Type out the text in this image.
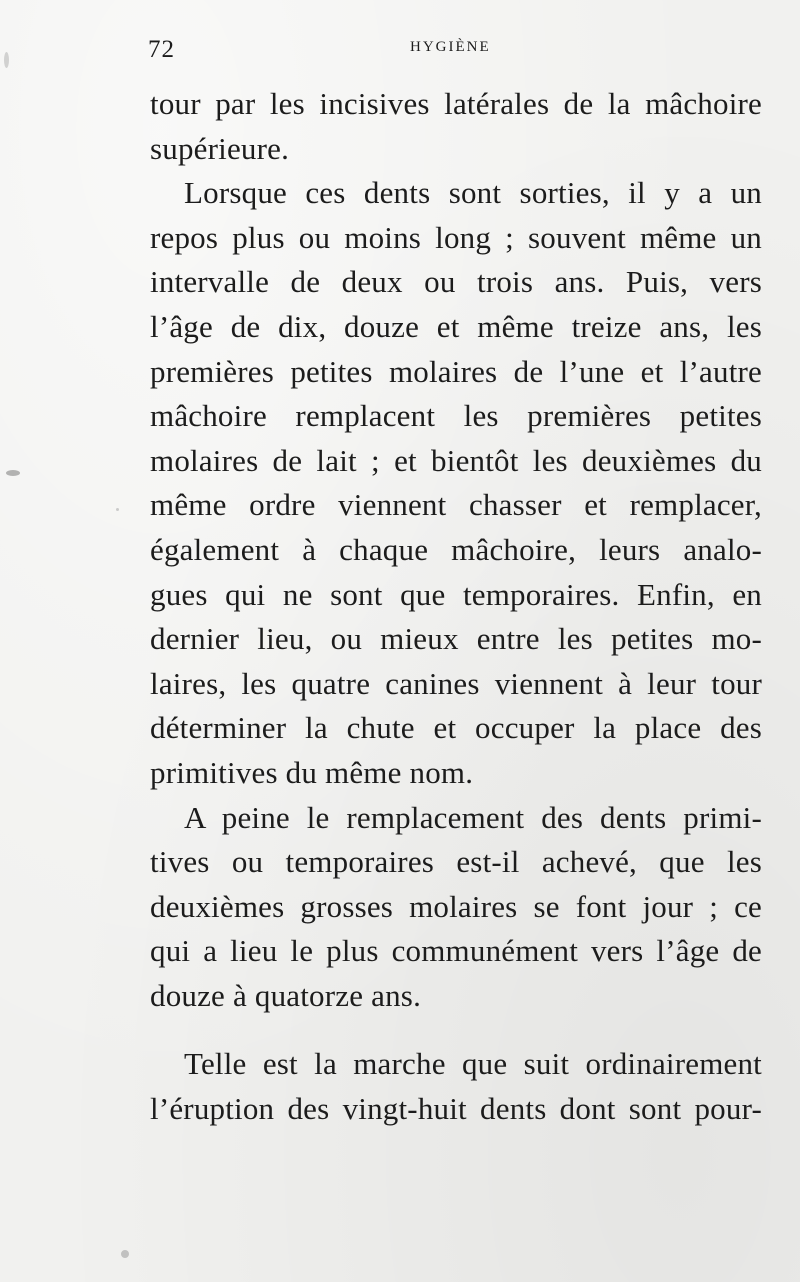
72	HYGIÈNE
tour par les incisives latérales de la mâchoire
supérieure.
Lorsque ces dents sont sorties, il y a un
repos plus ou moins long ; souvent même un
intervalle de deux ou trois ans. Puis, vers
l’âge de dix, douze et même treize ans, les
premières petites molaires de l’une et l’autre
mâchoire remplacent les premières petites
molaires de lait ; et bientôt les deuxièmes du
même ordre viennent chasser et remplacer,
également à chaque mâchoire, leurs analo-
gues qui ne sont que temporaires. Enfin, en
dernier lieu, ou mieux entre les petites mo-
laires, les quatre canines viennent à leur tour
déterminer la chute et occuper la place des
primitives du même nom.
A peine le remplacement des dents primi-
tives ou temporaires est-il achevé, que les
deuxièmes grosses molaires se font jour ; ce
qui a lieu le plus communément vers l’âge de
douze à quatorze ans.
Telle est la marche que suit ordinairement
l’éruption des vingt-huit dents dont sont pour-
